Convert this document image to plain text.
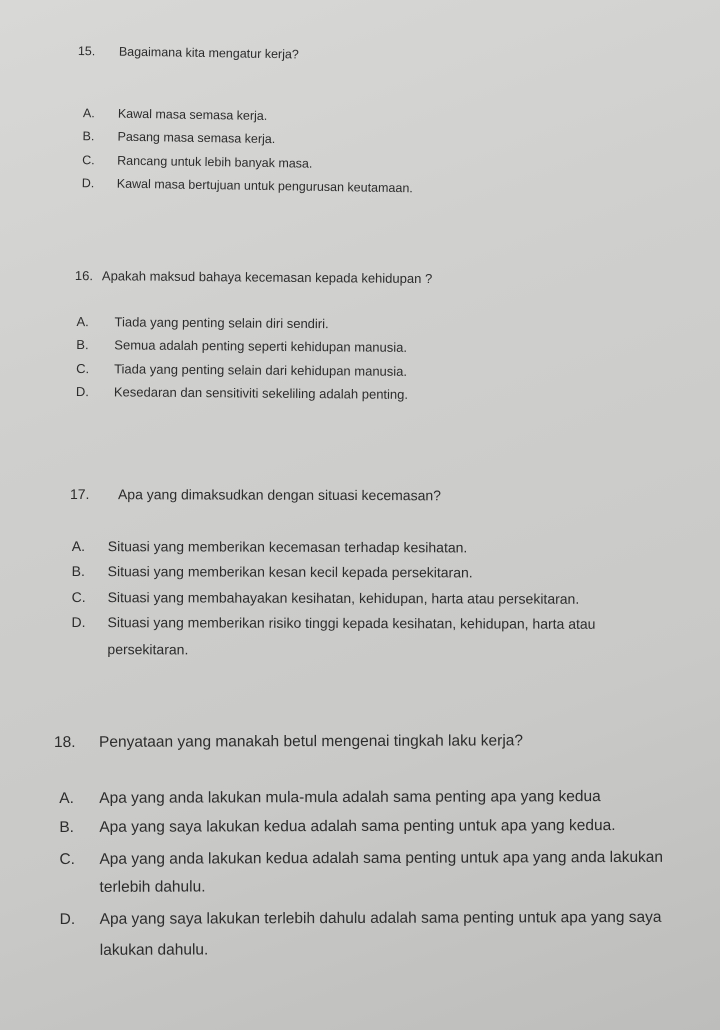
15. Bagaimana kita mengatur kerja?
A. Kawal masa semasa kerja.
B. Pasang masa semasa kerja.
C. Rancang untuk lebih banyak masa.
D. Kawal masa bertujuan untuk pengurusan keutamaan.
16. Apakah maksud bahaya kecemasan kepada kehidupan ?
A. Tiada yang penting selain diri sendiri.
B. Semua adalah penting seperti kehidupan manusia.
C. Tiada yang penting selain dari kehidupan manusia.
D. Kesedaran dan sensitiviti sekeliling adalah penting.
17. Apa yang dimaksudkan dengan situasi kecemasan?
A. Situasi yang memberikan kecemasan terhadap kesihatan.
B. Situasi yang memberikan kesan kecil kepada persekitaran.
C. Situasi yang membahayakan kesihatan, kehidupan, harta atau persekitaran.
D. Situasi yang memberikan risiko tinggi kepada kesihatan, kehidupan, harta atau
persekitaran.
18. Penyataan yang manakah betul mengenai tingkah laku kerja?
A. Apa yang anda lakukan mula-mula adalah sama penting apa yang kedua
B. Apa yang saya lakukan kedua adalah sama penting untuk apa yang kedua.
C. Apa yang anda lakukan kedua adalah sama penting untuk apa yang anda lakukan
terlebih dahulu.
D. Apa yang saya lakukan terlebih dahulu adalah sama penting untuk apa yang saya
lakukan dahulu.
